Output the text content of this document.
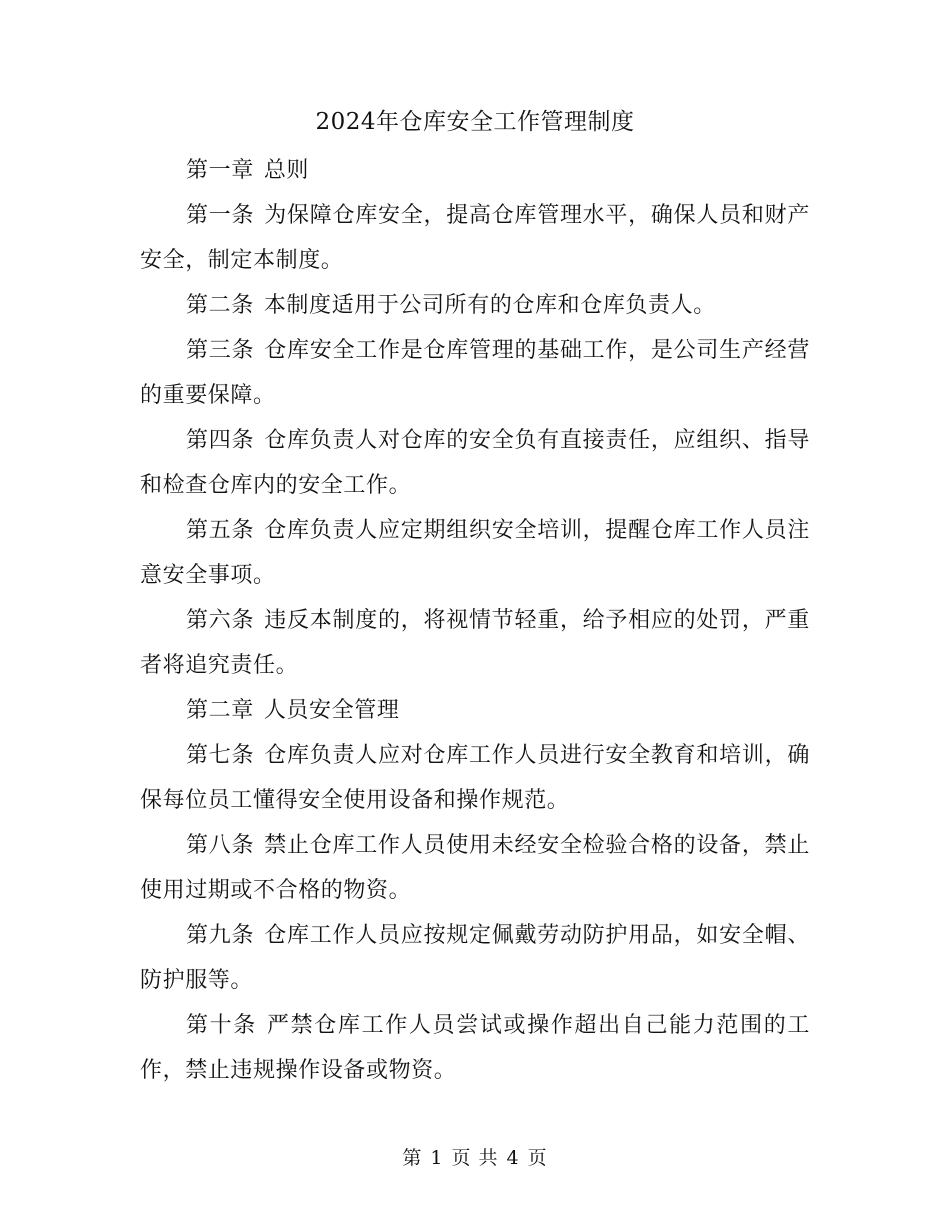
2024年仓库安全工作管理制度

第一章 总则

第一条 为保障仓库安全，提高仓库管理水平，确保人员和财产安全，制定本制度。

第二条 本制度适用于公司所有的仓库和仓库负责人。

第三条 仓库安全工作是仓库管理的基础工作，是公司生产经营的重要保障。

第四条 仓库负责人对仓库的安全负有直接责任，应组织、指导和检查仓库内的安全工作。

第五条 仓库负责人应定期组织安全培训，提醒仓库工作人员注意安全事项。

第六条 违反本制度的，将视情节轻重，给予相应的处罚，严重者将追究责任。

第二章 人员安全管理

第七条 仓库负责人应对仓库工作人员进行安全教育和培训，确保每位员工懂得安全使用设备和操作规范。

第八条 禁止仓库工作人员使用未经安全检验合格的设备，禁止使用过期或不合格的物资。

第九条 仓库工作人员应按规定佩戴劳动防护用品，如安全帽、防护服等。

第十条 严禁仓库工作人员尝试或操作超出自己能力范围的工作，禁止违规操作设备或物资。

第 1 页 共 4 页
